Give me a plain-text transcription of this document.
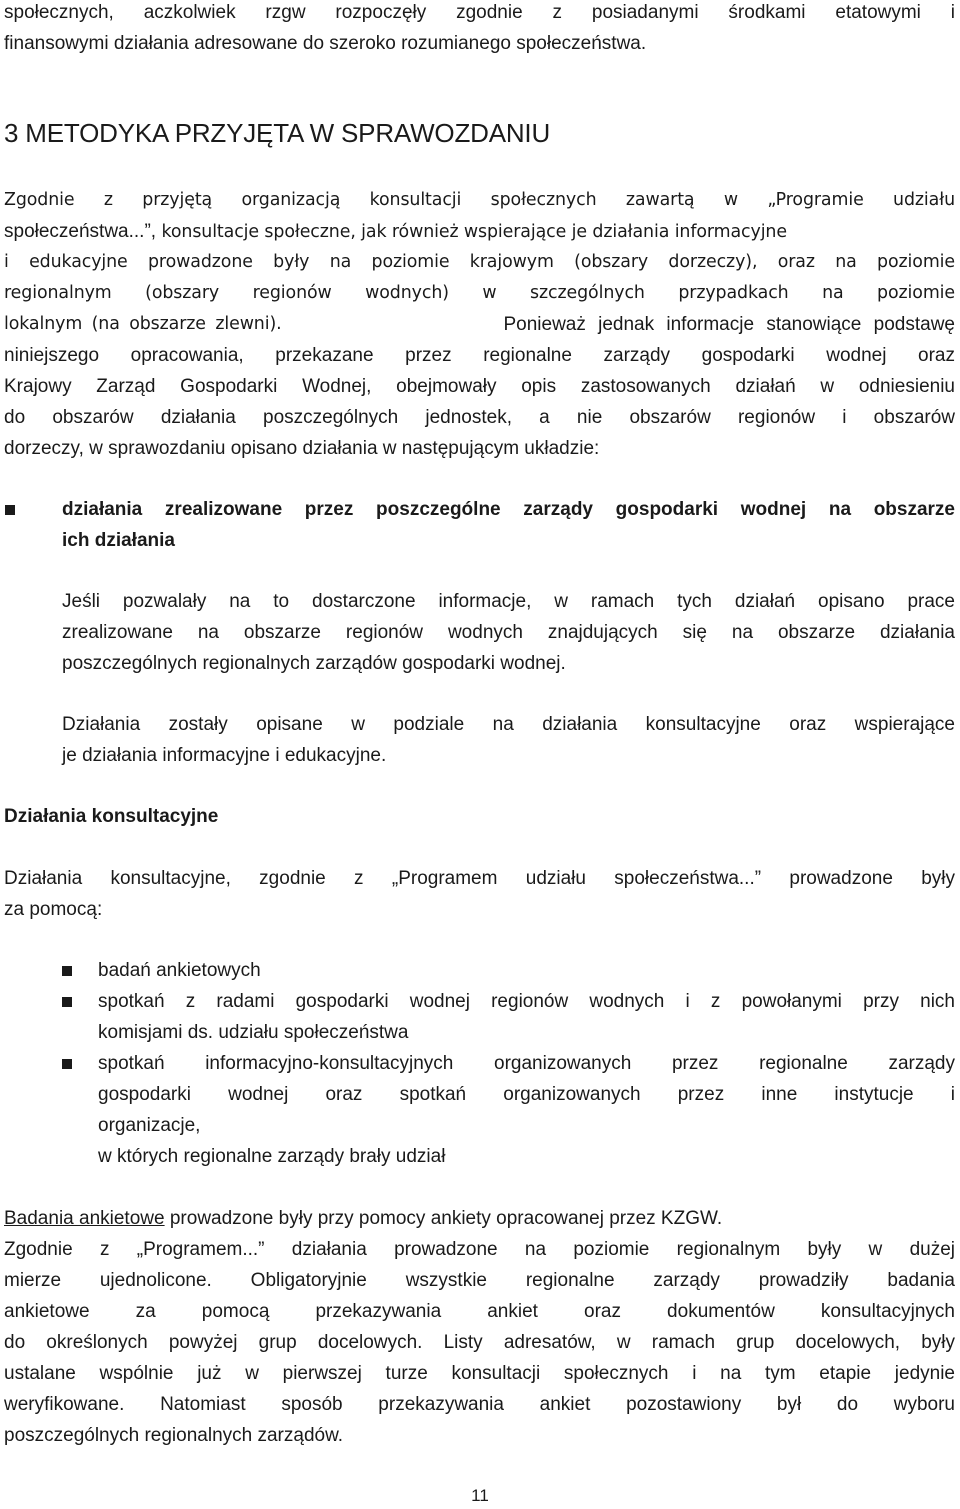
społecznych, aczkolwiek rzgw rozpoczęły zgodnie z posiadanymi środkami etatowymi i
finansowymi działania adresowane do szeroko rozumianego społeczeństwa.
3 METODYKA PRZYJĘTA W SPRAWOZDANIU
Zgodnie z przyjętą organizacją konsultacji społecznych zawartą w „Programie udziału
społeczeństwa...”, konsultacje społeczne, jak również wspierające je działania informacyjne
i edukacyjne prowadzone były na poziomie krajowym (obszary dorzeczy), oraz na poziomie
regionalnym (obszary regionów wodnych) w szczególnych przypadkach na poziomie
lokalnym (na obszarze zlewni).	Ponieważ jednak informacje stanowiące podstawę
niniejszego opracowania, przekazane przez regionalne zarządy gospodarki wodnej oraz
Krajowy Zarząd Gospodarki Wodnej, obejmowały opis zastosowanych działań w odniesieniu
do obszarów działania poszczególnych jednostek, a nie obszarów regionów i obszarów
dorzeczy, w sprawozdaniu opisano działania w następującym układzie:
działania zrealizowane przez poszczególne zarządy gospodarki wodnej na obszarze
ich działania
Jeśli pozwalały na to dostarczone informacje, w ramach tych działań opisano prace
zrealizowane na obszarze regionów wodnych znajdujących się na obszarze działania
poszczególnych regionalnych zarządów gospodarki wodnej.
Działania zostały opisane w podziale na działania konsultacyjne oraz wspierające
je działania informacyjne i edukacyjne.
Działania konsultacyjne
Działania konsultacyjne, zgodnie z „Programem udziału społeczeństwa...” prowadzone były
za pomocą:
badań ankietowych
spotkań z radami gospodarki wodnej regionów wodnych i z powołanymi przy nich
komisjami ds. udziału społeczeństwa
spotkań informacyjno-konsultacyjnych organizowanych przez regionalne zarządy
gospodarki wodnej oraz spotkań organizowanych przez inne instytucje i
organizacje,
w których regionalne zarządy brały udział
Badania ankietowe prowadzone były przy pomocy ankiety opracowanej przez KZGW.
Zgodnie z „Programem...” działania prowadzone na poziomie regionalnym były w dużej
mierze ujednolicone. Obligatoryjnie wszystkie regionalne zarządy prowadziły badania
ankietowe za pomocą przekazywania ankiet oraz dokumentów konsultacyjnych
do określonych powyżej grup docelowych. Listy adresatów, w ramach grup docelowych, były
ustalane wspólnie już w pierwszej turze konsultacji społecznych i na tym etapie jedynie
weryfikowane. Natomiast sposób przekazywania ankiet pozostawiony był do wyboru
poszczególnych regionalnych zarządów.
11
